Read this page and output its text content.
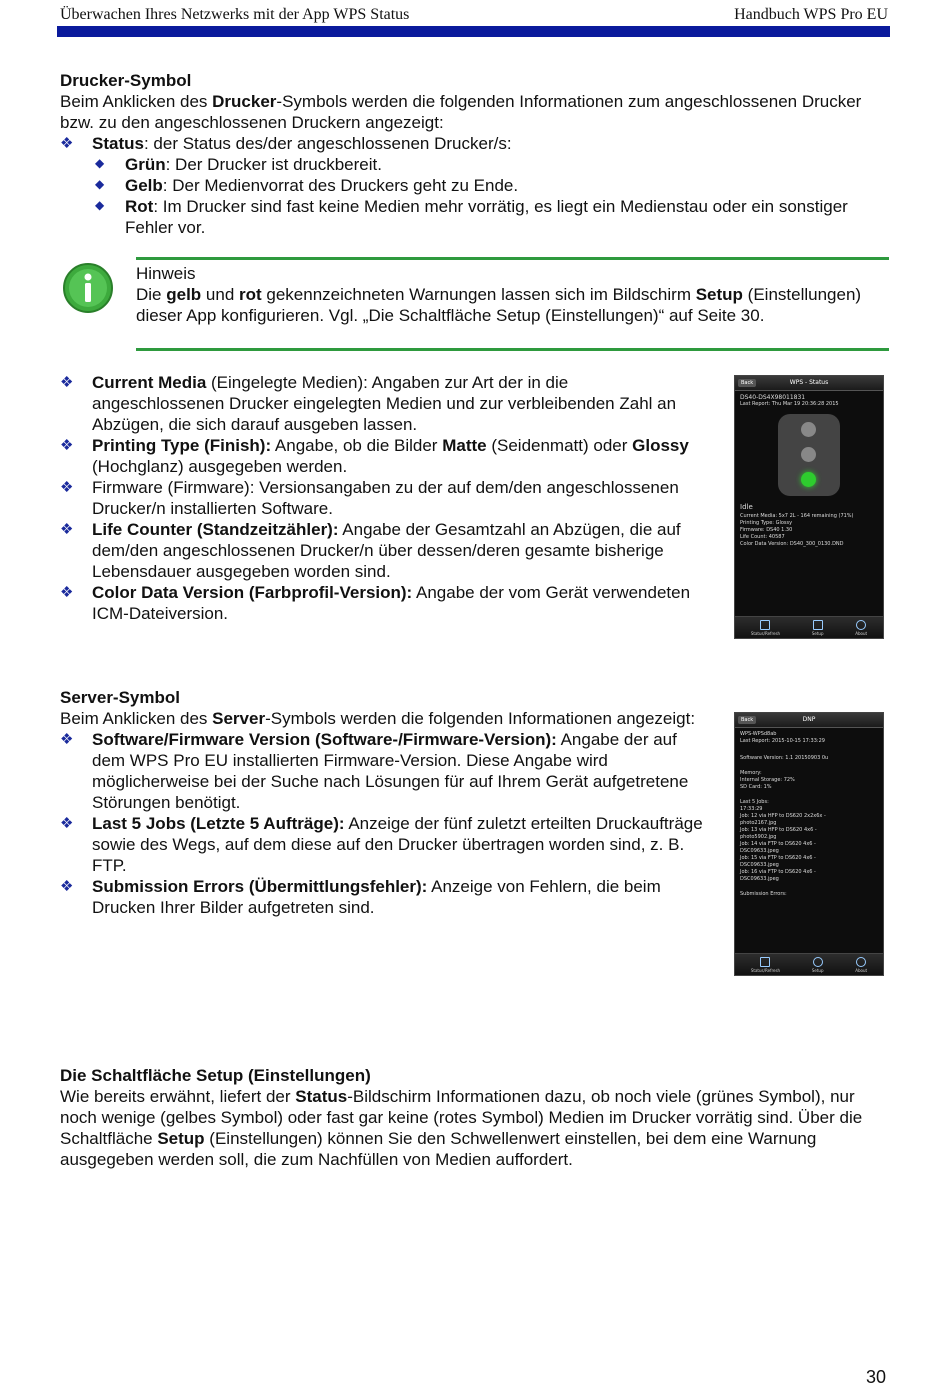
Überwachen Ihres Netzwerks mit der App WPS Status	Handbuch WPS Pro EU

Drucker-Symbol

Beim Anklicken des Drucker-Symbols werden die folgenden Informationen zum angeschlossenen Drucker bzw. zu den angeschlossenen Druckern angezeigt:

❖ Status: der Status des/der angeschlossenen Drucker/s:
◆ Grün: Der Drucker ist druckbereit.
◆ Gelb: Der Medienvorrat des Druckers geht zu Ende.
◆ Rot: Im Drucker sind fast keine Medien mehr vorrätig, es liegt ein Medienstau oder ein sonstiger Fehler vor.

Hinweis

Die gelb und rot gekennzeichneten Warnungen lassen sich im Bildschirm Setup (Einstellungen) dieser App konfigurieren. Vgl. „Die Schaltfläche Setup (Einstellungen)“ auf Seite 30.

❖ Current Media (Eingelegte Medien): Angaben zur Art der in die angeschlossenen Drucker eingelegten Medien und zur verbleibenden Zahl an Abzügen, die sich darauf ausgeben lassen.
❖ Printing Type (Finish): Angabe, ob die Bilder Matte (Seidenmatt) oder Glossy (Hochglanz) ausgegeben werden.
❖ Firmware (Firmware): Versionsangaben zu der auf dem/den angeschlossenen Drucker/n installierten Software.
❖ Life Counter (Standzeitzähler): Angabe der Gesamtzahl an Abzügen, die auf dem/den angeschlossenen Drucker/n über dessen/deren gesamte bisherige Lebensdauer ausgegeben worden sind.
❖ Color Data Version (Farbprofil-Version): Angabe der vom Gerät verwendeten ICM-Dateiversion.
Back	WPS - Status
DS40-DS4X98011831
Last Report: Thu Mar 19 20:36:28 2015
Idle
Current Media: 5x7 2L - 164 remaining (71%)
Printing Type: Glossy
Firmware: DS40 1.30
Life Count: 40587
Color Data Version: DS40_300_0130.DND
Status/Refresh	Setup	About

Server-Symbol

Beim Anklicken des Server-Symbols werden die folgenden Informationen angezeigt:

❖ Software/Firmware Version (Software-/Firmware-Version): Angabe der auf dem WPS Pro EU installierten Firmware-Version. Diese Angabe wird möglicherweise bei der Suche nach Lösungen für auf Ihrem Gerät aufgetretene Störungen benötigt.
❖ Last 5 Jobs (Letzte 5 Aufträge): Anzeige der fünf zuletzt erteilten Druckaufträge sowie des Wegs, auf dem diese auf den Drucker übertragen worden sind, z. B. FTP.
❖ Submission Errors (Übermittlungsfehler): Anzeige von Fehlern, die beim Drucken Ihrer Bilder aufgetreten sind.
Back	DNP
WPS-WPSd8ab
Last Report: 2015-10-15 17:33:29
Software Version: 1.1 20150903 0u
Memory:
Internal Storage: 72%
SD Card: 1%
Last 5 Jobs:
17:33:29
Job: 12 via HFP to DS620 2x2x6x -
photo2167.jpg
Job: 13 via HFP to DS620 4x6 -
photo5902.jpg
Job: 14 via FTP to DS620 4x6 -
DSC09633.jpeg
Job: 15 via FTP to DS620 4x6 -
DSC09633.jpeg
Job: 16 via FTP to DS620 4x6 -
DSC09633.jpeg
Submission Errors:
Status/Refresh	Setup	About

Die Schaltfläche Setup (Einstellungen)

Wie bereits erwähnt, liefert der Status-Bildschirm Informationen dazu, ob noch viele (grünes Symbol), nur noch wenige (gelbes Symbol) oder fast gar keine (rotes Symbol) Medien im Drucker vorrätig sind. Über die Schaltfläche Setup (Einstellungen) können Sie den Schwellenwert einstellen, bei dem eine Warnung ausgegeben werden soll, die zum Nachfüllen von Medien auffordert.

30
